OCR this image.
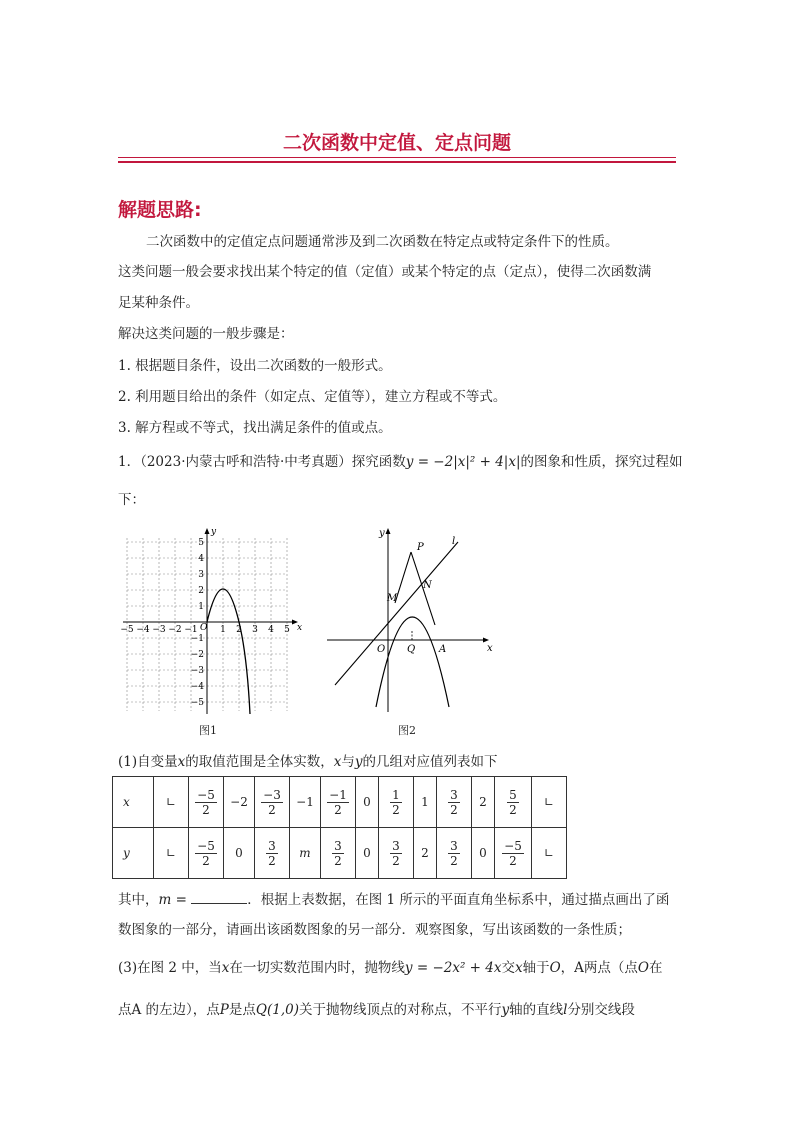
二次函数中定值、定点问题
解题思路:
二次函数中的定值定点问题通常涉及到二次函数在特定点或特定条件下的性质。
这类问题一般会要求找出某个特定的值（定值）或某个特定的点（定点），使得二次函数满
足某种条件。
解决这类问题的一般步骤是：
1. 根据题目条件，设出二次函数的一般形式。
2. 利用题目给出的条件（如定点、定值等），建立方程或不等式。
3. 解方程或不等式，找出满足条件的值或点。
1．（2023·内蒙古呼和浩特·中考真题）探究函数y = −2|x|² + 4|x|的图象和性质，探究过程如
下：
x
y
O
−5 −4 −3 −2 −1 1 2 3 4 5
5
4
3
2
1
−1
−2
−3
−4
−5
图1
x
y
O Q A
M
N
P
l
图2
(1)自变量x的取值范围是全体实数，x与y的几组对应值列表如下
x	∟	$\frac{-5}{2}$	−2	$\frac{-3}{2}$	−1	$\frac{-1}{2}$	0	$\frac{1}{2}$	1	$\frac{3}{2}$	2	$\frac{5}{2}$	∟
y	∟	$\frac{-5}{2}$	0	$\frac{3}{2}$	m	$\frac{3}{2}$	0	$\frac{3}{2}$	2	$\frac{3}{2}$	0	$\frac{-5}{2}$	∟
其中，m =	．根据上表数据，在图 1 所示的平面直角坐标系中，通过描点画出了函
数图象的一部分，请画出该函数图象的另一部分．观察图象，写出该函数的一条性质；
(3)在图 2 中，当x在一切实数范围内时，抛物线y = −2x² + 4x交x轴于O，A两点（点O在
点A 的左边），点P是点Q(1,0)关于抛物线顶点的对称点，不平行y轴的直线l分别交线段
